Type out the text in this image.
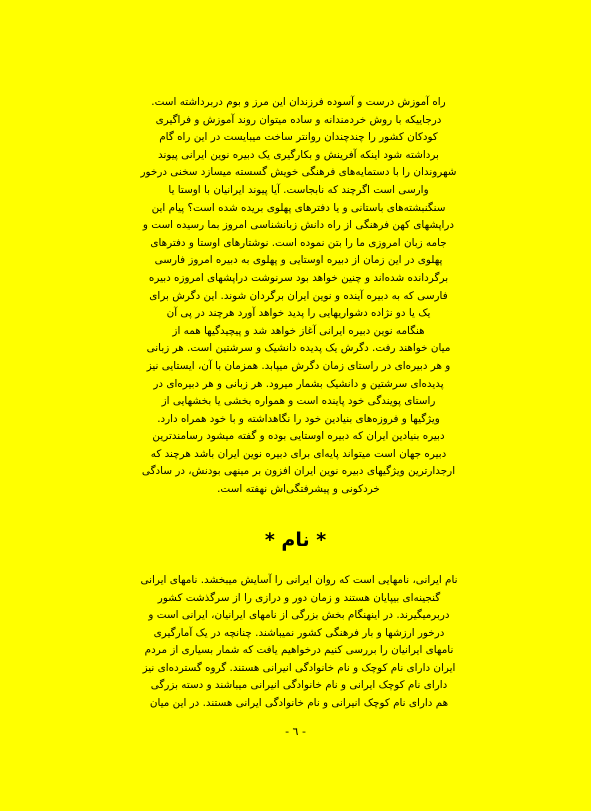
راه آموزش درست و آسوده فرزندان این مرز و بوم دربرداشته است.
درجاییکه با روش خردمندانه و ساده میتوان روند آموزش و فراگیری
کودکان کشور را چندچندان روانتر ساخت میبایست در این راه گام
برداشته شود اینکه آفرینش و بکارگیری یک دبیره نوین ایرانی پیوند
شهروندان را با دستمایه‌های فرهنگی خویش گسسته میسازد سخنی درخور
وارسی است اگرچند که نابجاست. آیا پیوند ایرانیان با اوستا یا
سنگنبشته‌های باستانی و یا دفترهای پهلوی بریده شده است؟ پیام این
دراپشهای کهن فرهنگی از راه دانش زبانشناسی امروز بما رسیده است و
جامه زبان امروزی ما را بتن نموده است. نوشتارهای اوستا و دفترهای
پهلوی در این زمان از دبیره اوستایی و پهلوی به دبیره امروز فارسی
برگردانده شده‌اند و چنین خواهد بود سرنوشت دراپشهای امروزه دبیره
فارسی که به دبیره آینده و نوین ایران برگردان شوند. این دگرش برای
یک یا دو نژاده دشواریهایی را پدید خواهد آورد هرچند در پی آن
هنگامه نوین دبیره ایرانی آغاز خواهد شد و پیچیدگیها همه از
میان خواهند رفت. دگرش یک پدیده دانشیک و سرشتین است. هر زبانی
و هر دبیره‌ای در راستای زمان دگرش میپابد. همزمان با آن، ایستایی نیز
پدیده‌ای سرشتین و دانشیک بشمار میرود. هر زبانی و هر دبیره‌ای در
راستای پویندگی خود پاینده است و همواره بخشی یا بخشهایی از
ویژگیها و فروزه‌های بنیادین خود را نگاهداشته و با خود همراه دارد.
دبیره بنیادین ایران که دبیره اوستایی بوده و گفته میشود رسامندترین
دبیره جهان است میتواند پایه‌ای برای دبیره نوین ایران باشد هرچند که
ارجدارترین ویژگیهای دبیره نوین ایران افزون بر مینهی بودنش، در سادگی
خردکونی و پیشرفتگی‌اش نهفته است.
* نام *
نام ایرانی، نامهایی است که روان ایرانی را آسایش میبخشد. نامهای ایرانی
گنجینه‌ای بیپایان هستند و زمان دور و درازی را از سرگذشت کشور
دربرمیگیرند. در اینهنگام بخش بزرگی از نامهای ایرانیان، ایرانی است و
درخور ارزشها و بار فرهنگی کشور نمیباشند. چنانچه در یک آمارگیری
نامهای ایرانیان را بررسی کنیم درخواهیم یافت که شمار بسیاری از مردم
ایران دارای نام کوچک و نام خانوادگی انیرانی هستند. گروه گسترده‌ای نیز
دارای نام کوچک ایرانی و نام خانوادگی انیرانی میباشند و دسته بزرگی
هم دارای نام کوچک انیرانی و نام خانوادگی ایرانی هستند. در این میان
- ٦ -
